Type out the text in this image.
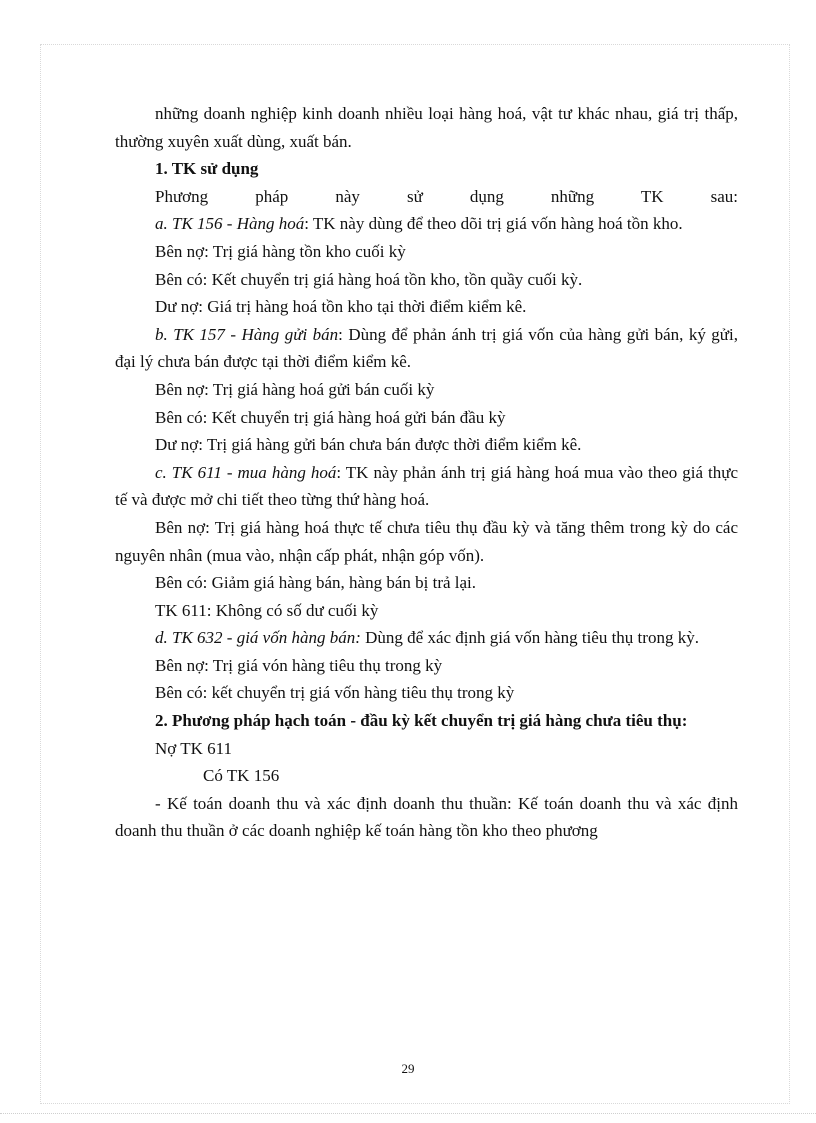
những doanh nghiệp kinh doanh nhiều loại hàng hoá, vật tư khác nhau, giá trị thấp, thường xuyên xuất dùng, xuất bán.

1. TK sử dụng

Phương pháp này sử dụng những TK sau:

a. TK 156 - Hàng hoá: TK này dùng để theo dõi trị giá vốn hàng hoá tồn kho.

Bên nợ: Trị giá hàng tồn kho cuối kỳ

Bên có: Kết chuyển trị giá hàng hoá tồn kho, tồn quầy cuối kỳ.

Dư nợ: Giá trị hàng hoá tồn kho tại thời điểm kiểm kê.

b. TK 157 - Hàng gửi bán: Dùng để phản ánh trị giá vốn của hàng gửi bán, ký gửi, đại lý chưa bán được tại thời điểm kiểm kê.

Bên nợ: Trị giá hàng hoá gửi bán cuối kỳ

Bên có: Kết chuyển trị giá hàng hoá gửi bán đầu kỳ

Dư nợ: Trị giá hàng gửi bán chưa bán được thời điểm kiểm kê.

c. TK 611 - mua hàng hoá: TK này phản ánh trị giá hàng hoá mua vào theo giá thực tế và được mở chi tiết theo từng thứ hàng hoá.

Bên nợ: Trị giá hàng hoá thực tế chưa tiêu thụ đầu kỳ và tăng thêm trong kỳ do các nguyên nhân (mua vào, nhận cấp phát, nhận góp vốn).

Bên có: Giảm giá hàng bán, hàng bán bị trả lại.

TK 611: Không có số dư cuối kỳ

d. TK 632 - giá vốn hàng bán: Dùng để xác định giá vốn hàng tiêu thụ trong kỳ.

Bên nợ: Trị giá vón hàng tiêu thụ trong kỳ

Bên có: kết chuyển trị giá vốn hàng tiêu thụ trong kỳ

2. Phương pháp hạch toán - đầu kỳ kết chuyển trị giá hàng chưa tiêu thụ:

Nợ TK 611

Có TK 156

- Kế toán doanh thu và xác định doanh thu thuần: Kế toán doanh thu và xác định doanh thu thuần ở các doanh nghiệp kế toán hàng tồn kho theo phương

29
